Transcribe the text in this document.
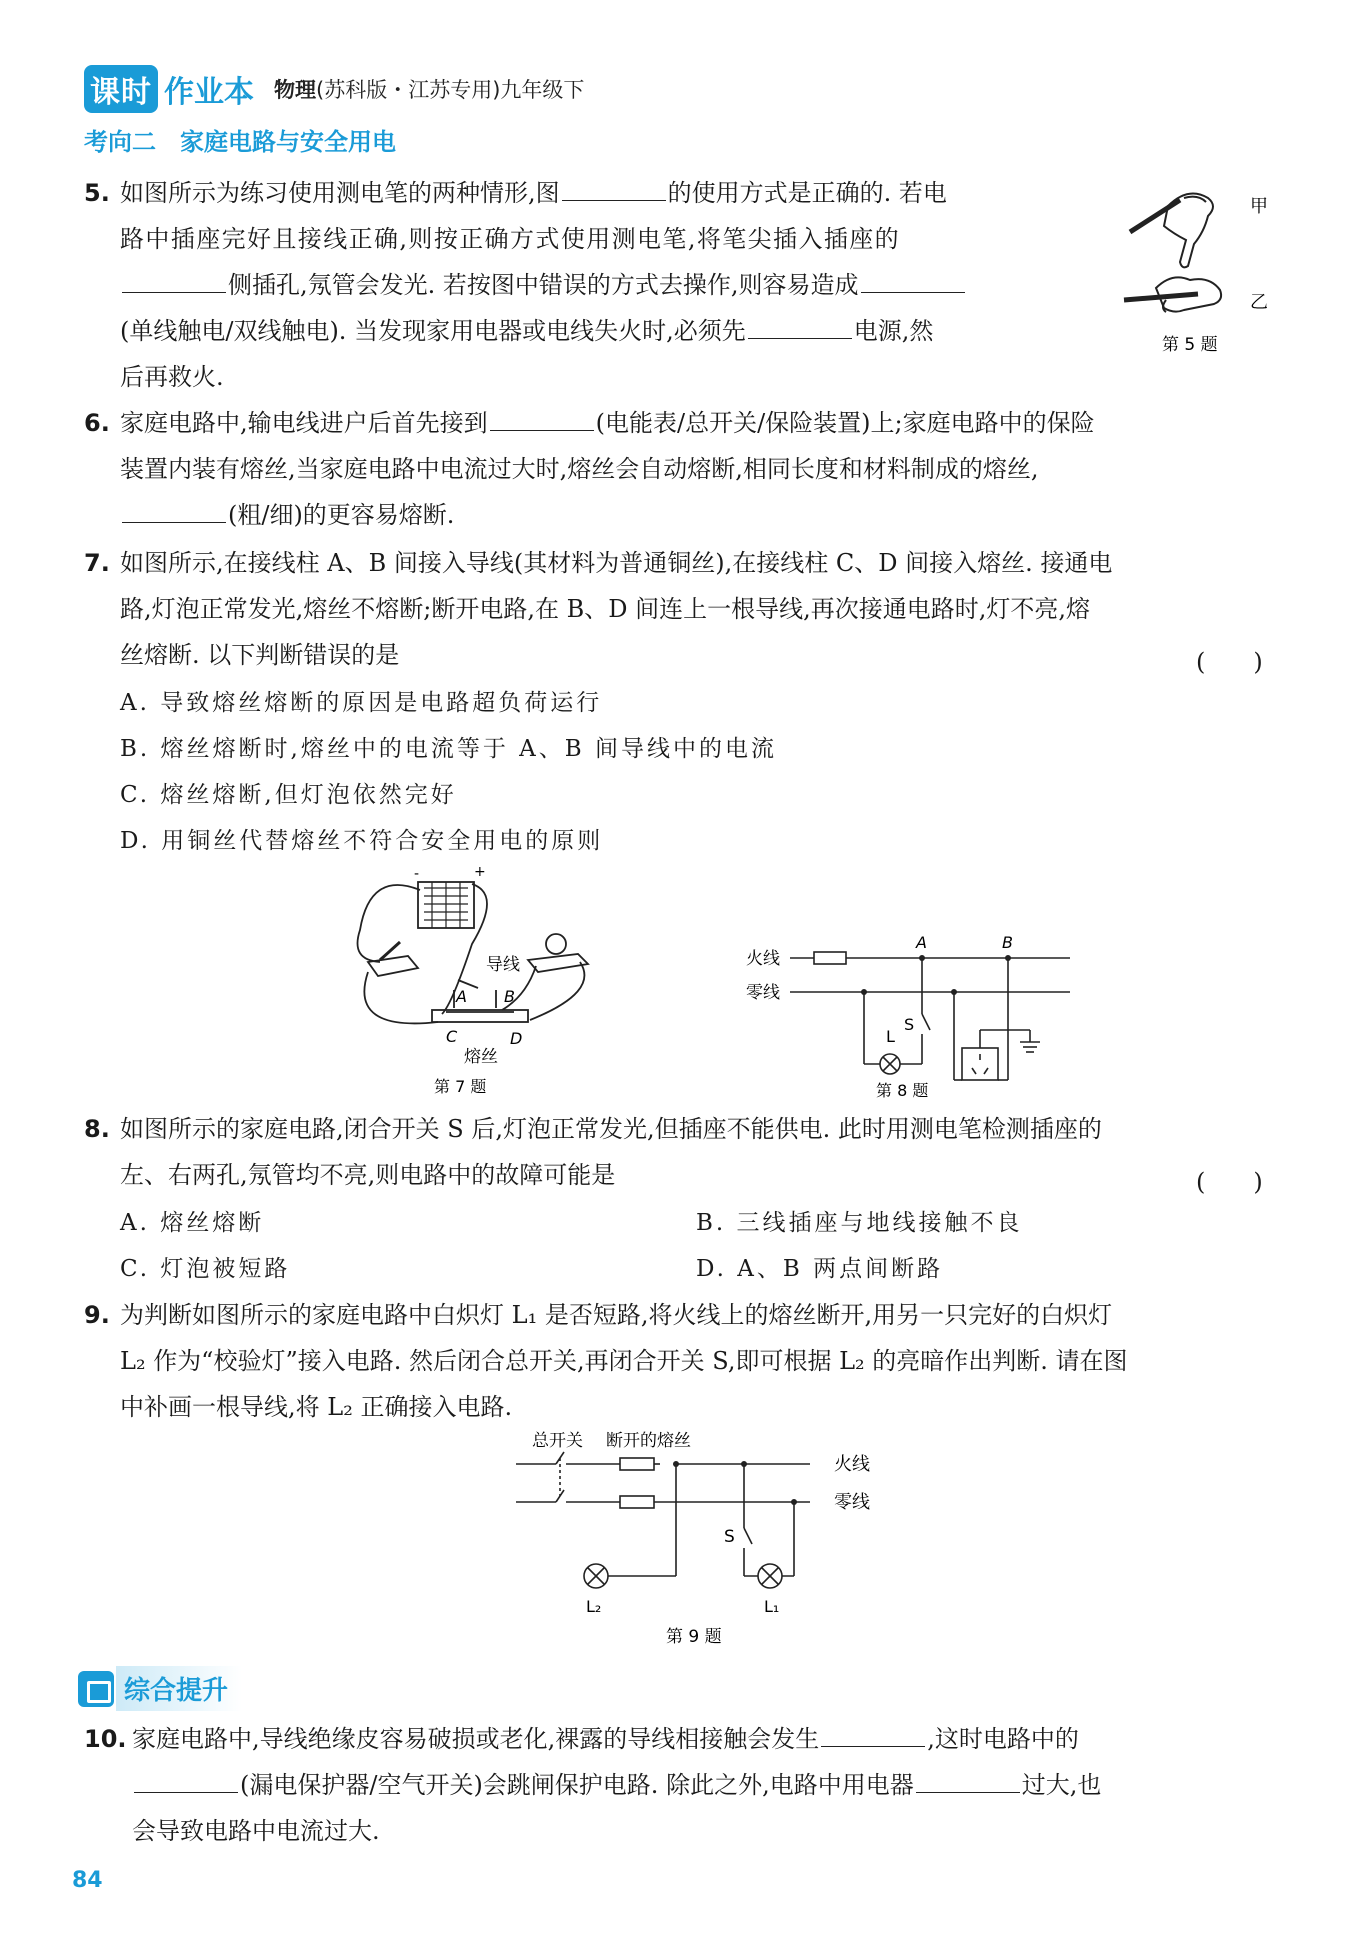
课时 作业本 物理(苏科版・江苏专用)九年级下
考向二　家庭电路与安全用电
5. 如图所示为练习使用测电笔的两种情形,图	的使用方式是正确的. 若电
路中插座完好且接线正确,则按正确方式使用测电笔,将笔尖插入插座的
侧插孔,氖管会发光. 若按图中错误的方式去操作,则容易造成
(单线触电/双线触电). 当发现家用电器或电线失火时,必须先	电源,然
后再救火.
甲
乙
第 5 题
6. 家庭电路中,输电线进户后首先接到	(电能表/总开关/保险装置)上;家庭电路中的保险
装置内装有熔丝,当家庭电路中电流过大时,熔丝会自动熔断,相同长度和材料制成的熔丝,
(粗/细)的更容易熔断.
7. 如图所示,在接线柱 A、B 间接入导线(其材料为普通铜丝),在接线柱 C、D 间接入熔丝. 接通电
路,灯泡正常发光,熔丝不熔断;断开电路,在 B、D 间连上一根导线,再次接通电路时,灯不亮,熔
丝熔断. 以下判断错误的是	(　　)
A. 导致熔丝熔断的原因是电路超负荷运行
B. 熔丝熔断时,熔丝中的电流等于 A、B 间导线中的电流
C. 熔丝熔断,但灯泡依然完好
D. 用铜丝代替熔丝不符合安全用电的原则
-	+
导线
A B
C	D
熔丝
第 7 题
火线
零线
A	B
L
S
第 8 题
8. 如图所示的家庭电路,闭合开关 S 后,灯泡正常发光,但插座不能供电. 此时用测电笔检测插座的
左、右两孔,氖管均不亮,则电路中的故障可能是	(　　)
A. 熔丝熔断	B. 三线插座与地线接触不良
C. 灯泡被短路	D. A、B 两点间断路
9. 为判断如图所示的家庭电路中白炽灯 L₁ 是否短路,将火线上的熔丝断开,用另一只完好的白炽灯
L₂ 作为“校验灯”接入电路. 然后闭合总开关,再闭合开关 S,即可根据 L₂ 的亮暗作出判断. 请在图
中补画一根导线,将 L₂ 正确接入电路.
总开关 断开的熔丝
火线
零线
S
L₂	L₁
第 9 题
综合提升
10. 家庭电路中,导线绝缘皮容易破损或老化,裸露的导线相接触会发生	,这时电路中的
(漏电保护器/空气开关)会跳闸保护电路. 除此之外,电路中用电器	过大,也
会导致电路中电流过大.
84
